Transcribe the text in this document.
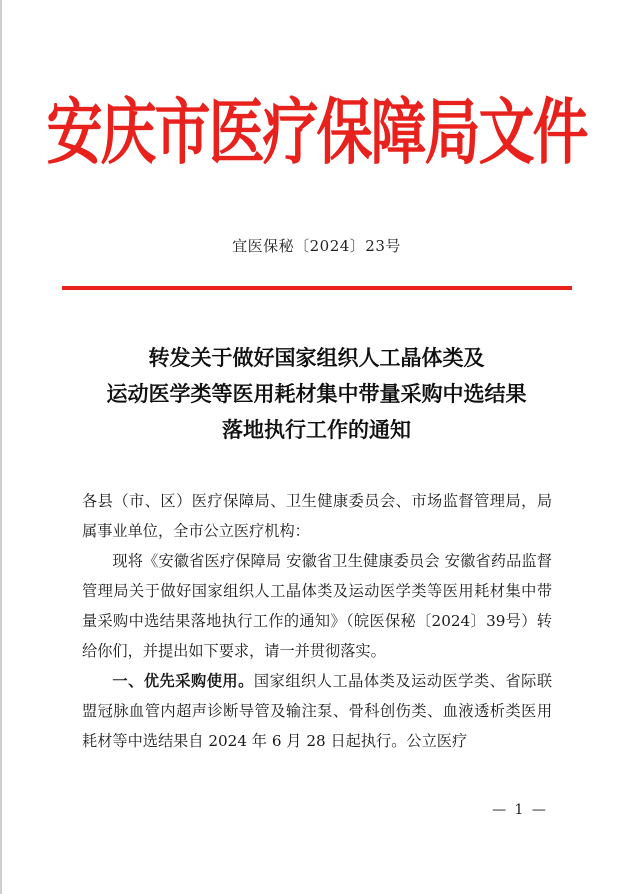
安庆市医疗保障局文件
宜医保秘〔2024〕23号
转发关于做好国家组织人工晶体类及
运动医学类等医用耗材集中带量采购中选结果
落地执行工作的通知

各县（市、区）医疗保障局、卫生健康委员会、市场监督管理局，局属事业单位，全市公立医疗机构：

现将《安徽省医疗保障局 安徽省卫生健康委员会 安徽省药品监督管理局关于做好国家组织人工晶体类及运动医学类等医用耗材集中带量采购中选结果落地执行工作的通知》（皖医保秘〔2024〕39号）转给你们，并提出如下要求，请一并贯彻落实。

一、优先采购使用。国家组织人工晶体类及运动医学类、省际联盟冠脉血管内超声诊断导管及输注泵、骨科创伤类、血液透析类医用耗材等中选结果自 2024 年 6 月 28 日起执行。公立医疗

— 1 —
